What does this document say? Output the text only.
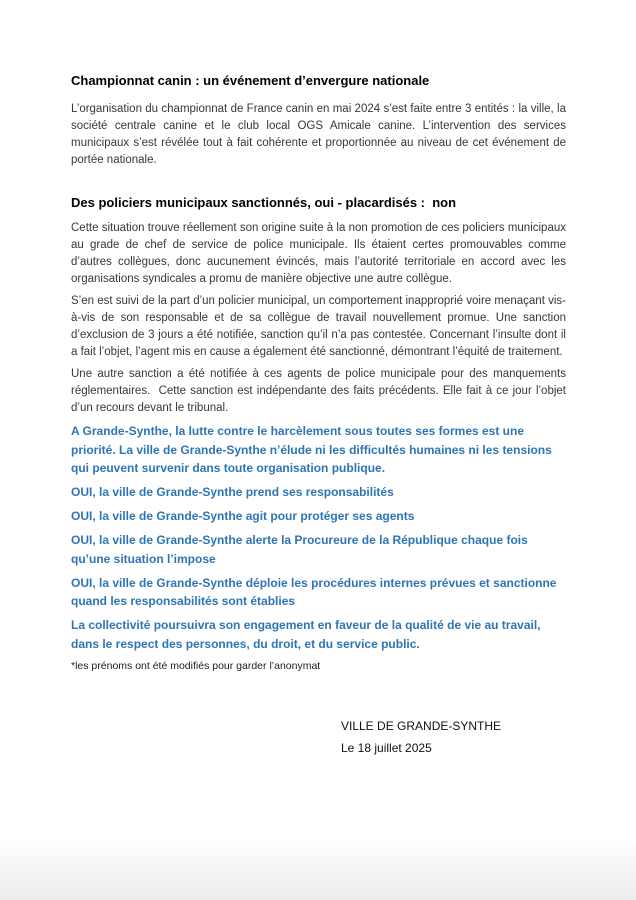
Championnat canin : un événement d’envergure nationale

L’organisation du championnat de France canin en mai 2024 s’est faite entre 3 entités : la ville, la société centrale canine et le club local OGS Amicale canine. L’intervention des services municipaux s’est révélée tout à fait cohérente et proportionnée au niveau de cet événement de portée nationale.

Des policiers municipaux sanctionnés, oui - placardisés :  non

Cette situation trouve réellement son origine suite à la non promotion de ces policiers municipaux au grade de chef de service de police municipale. Ils étaient certes promouvables comme d’autres collègues, donc aucunement évincés, mais l’autorité territoriale en accord avec les organisations syndicales a promu de manière objective une autre collègue.

S’en est suivi de la part d’un policier municipal, un comportement inapproprié voire menaçant vis-à-vis de son responsable et de sa collègue de travail nouvellement promue. Une sanction d’exclusion de 3 jours a été notifiée, sanction qu’il n’a pas contestée. Concernant l’insulte dont il a fait l’objet, l’agent mis en cause a également été sanctionné, démontrant l’équité de traitement.

Une autre sanction a été notifiée à ces agents de police municipale pour des manquements réglementaires.  Cette sanction est indépendante des faits précédents. Elle fait à ce jour l’objet d’un recours devant le tribunal.

A Grande-Synthe, la lutte contre le harcèlement sous toutes ses formes est une priorité. La ville de Grande-Synthe n’élude ni les difficultés humaines ni les tensions qui peuvent survenir dans toute organisation publique.

OUI, la ville de Grande-Synthe prend ses responsabilités

OUI, la ville de Grande-Synthe agit pour protéger ses agents

OUI, la ville de Grande-Synthe alerte la Procureure de la République chaque fois qu’une situation l’impose

OUI, la ville de Grande-Synthe déploie les procédures internes prévues et sanctionne quand les responsabilités sont établies

La collectivité poursuivra son engagement en faveur de la qualité de vie au travail, dans le respect des personnes, du droit, et du service public.

*les prénoms ont été modifiés pour garder l’anonymat

VILLE DE GRANDE-SYNTHE

Le 18 juillet 2025
